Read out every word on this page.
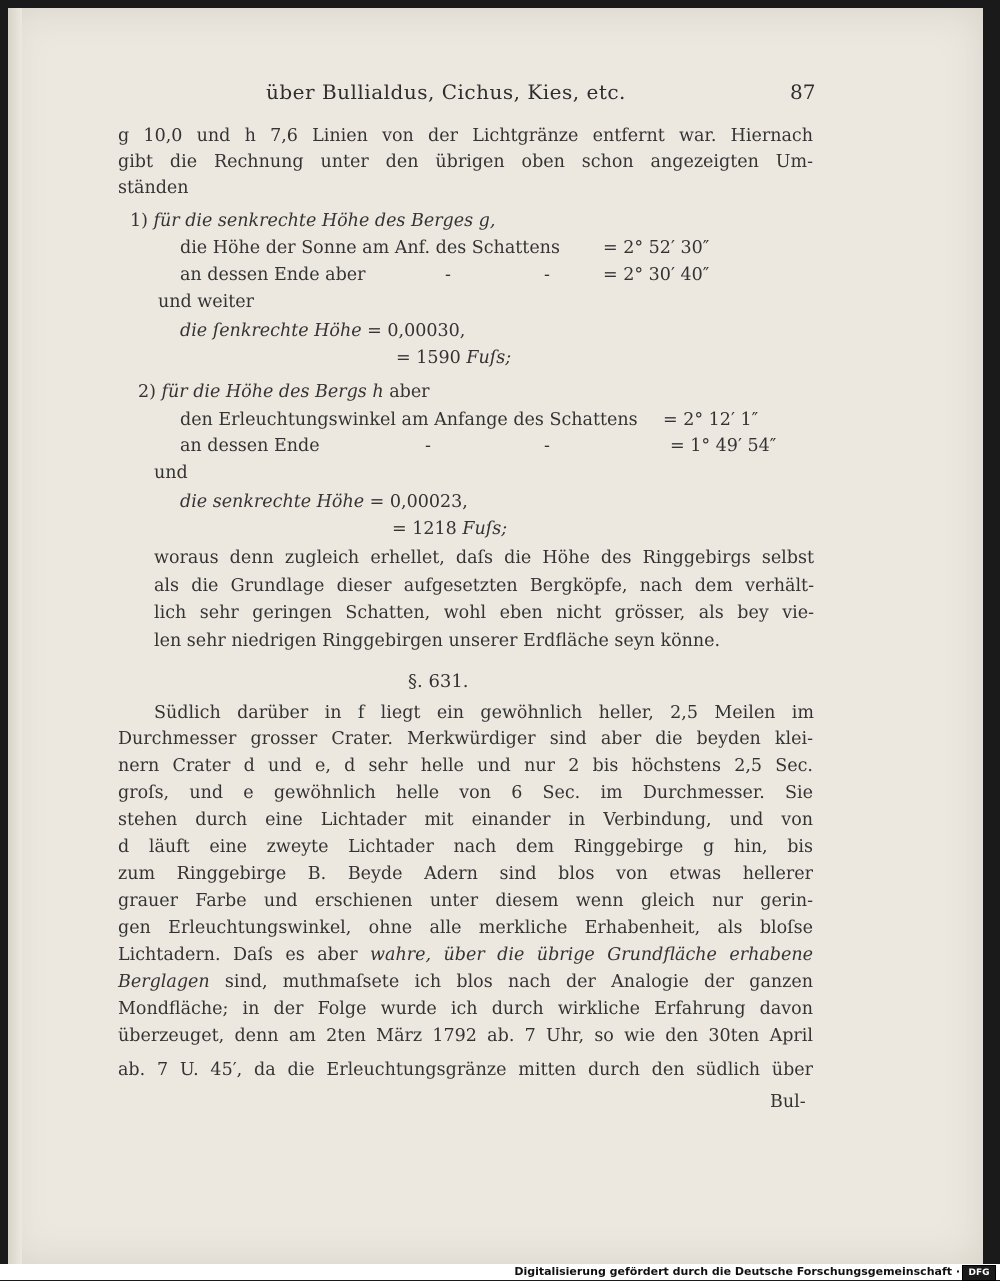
über Bullialdus, Cichus, Kies, etc.	87
g 10,0 und h 7,6 Linien von der Lichtgränze entfernt war. Hiernach
gibt die Rechnung unter den übrigen oben schon angezeigten Um-
ständen
1) für die senkrechte Höhe des Berges g,
die Höhe der Sonne am Anf. des Schattens = 2° 52′ 30″
an dessen Ende aber	-	-	= 2° 30′ 40″
und weiter
die ſenkrechte Höhe = 0,00030,
= 1590 Fuſs;
2) für die Höhe des Bergs h aber
den Erleuchtungswinkel am Anfange des Schattens = 2° 12′ 1″
an dessen Ende	-	-	= 1° 49′ 54″
und
die senkrechte Höhe = 0,00023,
= 1218 Fuſs;
woraus denn zugleich erhellet, daſs die Höhe des Ringgebirgs selbst
als die Grundlage dieser aufgesetzten Bergköpfe, nach dem verhält-
lich sehr geringen Schatten, wohl eben nicht grösser, als bey vie-
len sehr niedrigen Ringgebirgen unserer Erdfläche seyn könne.
§. 631.
Südlich darüber in f liegt ein gewöhnlich heller, 2,5 Meilen im
Durchmesser grosser Crater. Merkwürdiger sind aber die beyden klei-
nern Crater d und e, d sehr helle und nur 2 bis höchstens 2,5 Sec.
groſs, und e gewöhnlich helle von 6 Sec. im Durchmesser. Sie
stehen durch eine Lichtader mit einander in Verbindung, und von
d läuft eine zweyte Lichtader nach dem Ringgebirge g hin, bis
zum Ringgebirge B. Beyde Adern sind blos von etwas hellerer
grauer Farbe und erschienen unter diesem wenn gleich nur gerin-
gen Erleuchtungswinkel, ohne alle merkliche Erhabenheit, als bloſse
Lichtadern. Daſs es aber wahre, über die übrige Grundfläche erhabene
Berglagen sind, muthmaſsete ich blos nach der Analogie der ganzen
Mondfläche; in der Folge wurde ich durch wirkliche Erfahrung davon
überzeuget, denn am 2ten März 1792 ab. 7 Uhr, so wie den 30ten April
ab. 7 U. 45′, da die Erleuchtungsgränze mitten durch den südlich über
Bul-
Digitalisierung gefördert durch die Deutsche Forschungsgemeinschaft · DFG
